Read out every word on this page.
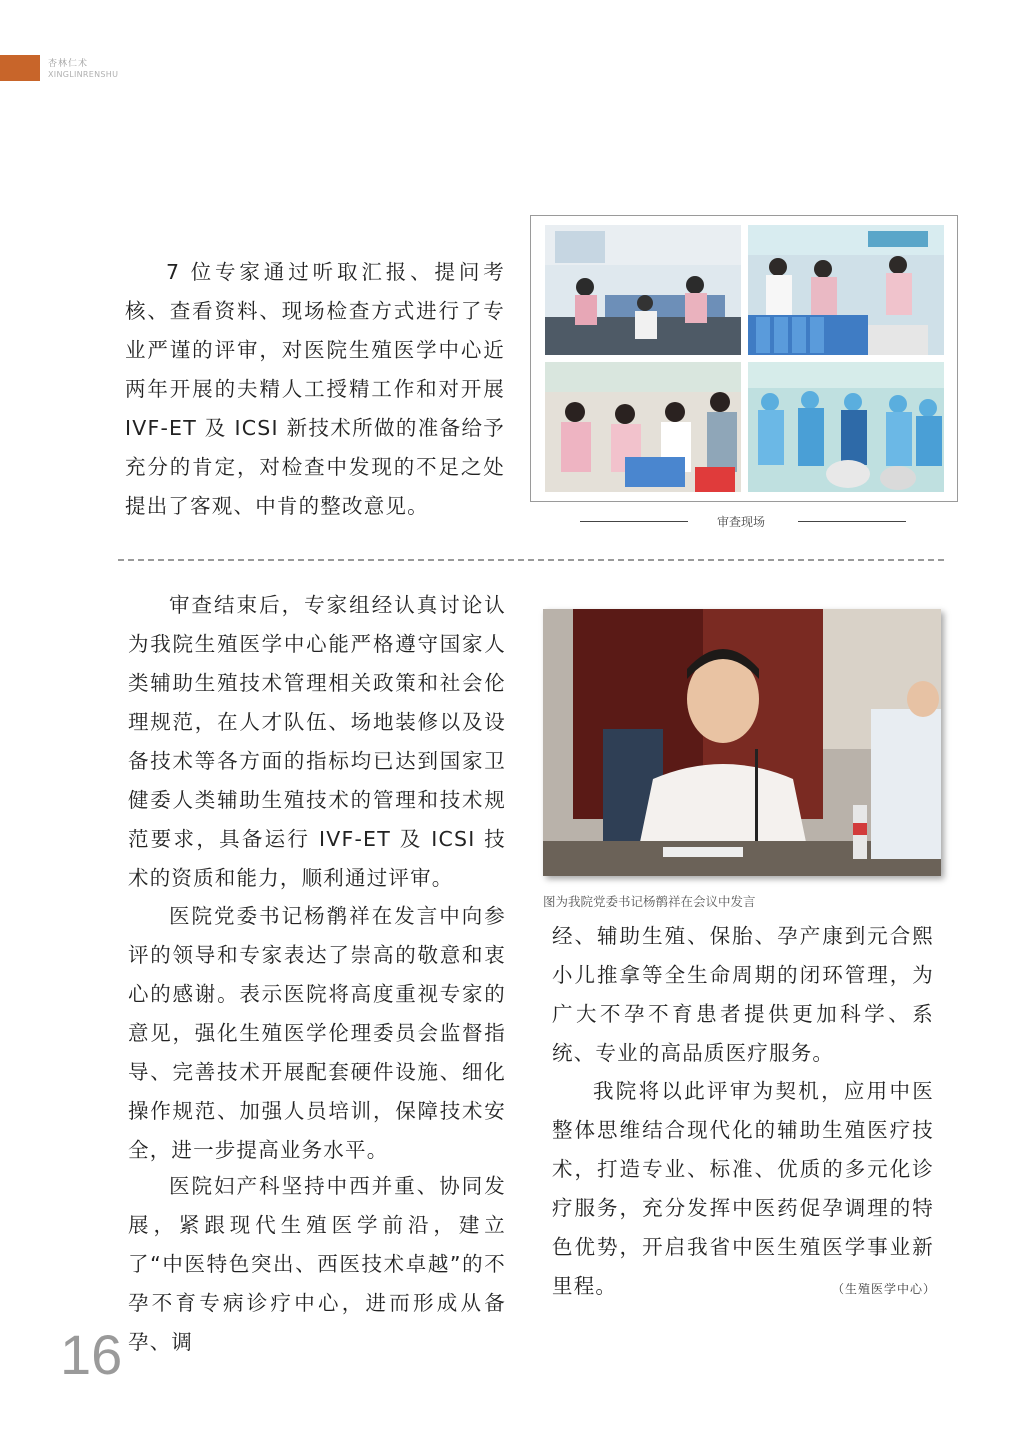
杏林仁术
XINGLINRENSHU

7 位专家通过听取汇报、提问考核、查看资料、现场检查方式进行了专业严谨的评审，对医院生殖医学中心近两年开展的夫精人工授精工作和对开展 IVF-ET 及 ICSI 新技术所做的准备给予充分的肯定，对检查中发现的不足之处提出了客观、中肯的整改意见。

审查现场

审查结束后，专家组经认真讨论认为我院生殖医学中心能严格遵守国家人类辅助生殖技术管理相关政策和社会伦理规范，在人才队伍、场地装修以及设备技术等各方面的指标均已达到国家卫健委人类辅助生殖技术的管理和技术规范要求，具备运行 IVF-ET 及 ICSI 技术的资质和能力，顺利通过评审。

医院党委书记杨鹡祥在发言中向参评的领导和专家表达了崇高的敬意和衷心的感谢。表示医院将高度重视专家的意见，强化生殖医学伦理委员会监督指导、完善技术开展配套硬件设施、细化操作规范、加强人员培训，保障技术安全，进一步提高业务水平。

医院妇产科坚持中西并重、协同发展，紧跟现代生殖医学前沿，建立了“中医特色突出、西医技术卓越”的不孕不育专病诊疗中心，进而形成从备孕、调

图为我院党委书记杨鹡祥在会议中发言

经、辅助生殖、保胎、孕产康到元合熙小儿推拿等全生命周期的闭环管理，为广大不孕不育患者提供更加科学、系统、专业的高品质医疗服务。

我院将以此评审为契机，应用中医整体思维结合现代化的辅助生殖医疗技术，打造专业、标准、优质的多元化诊疗服务，充分发挥中医药促孕调理的特色优势，开启我省中医生殖医学事业新里程。	（生殖医学中心）
16
